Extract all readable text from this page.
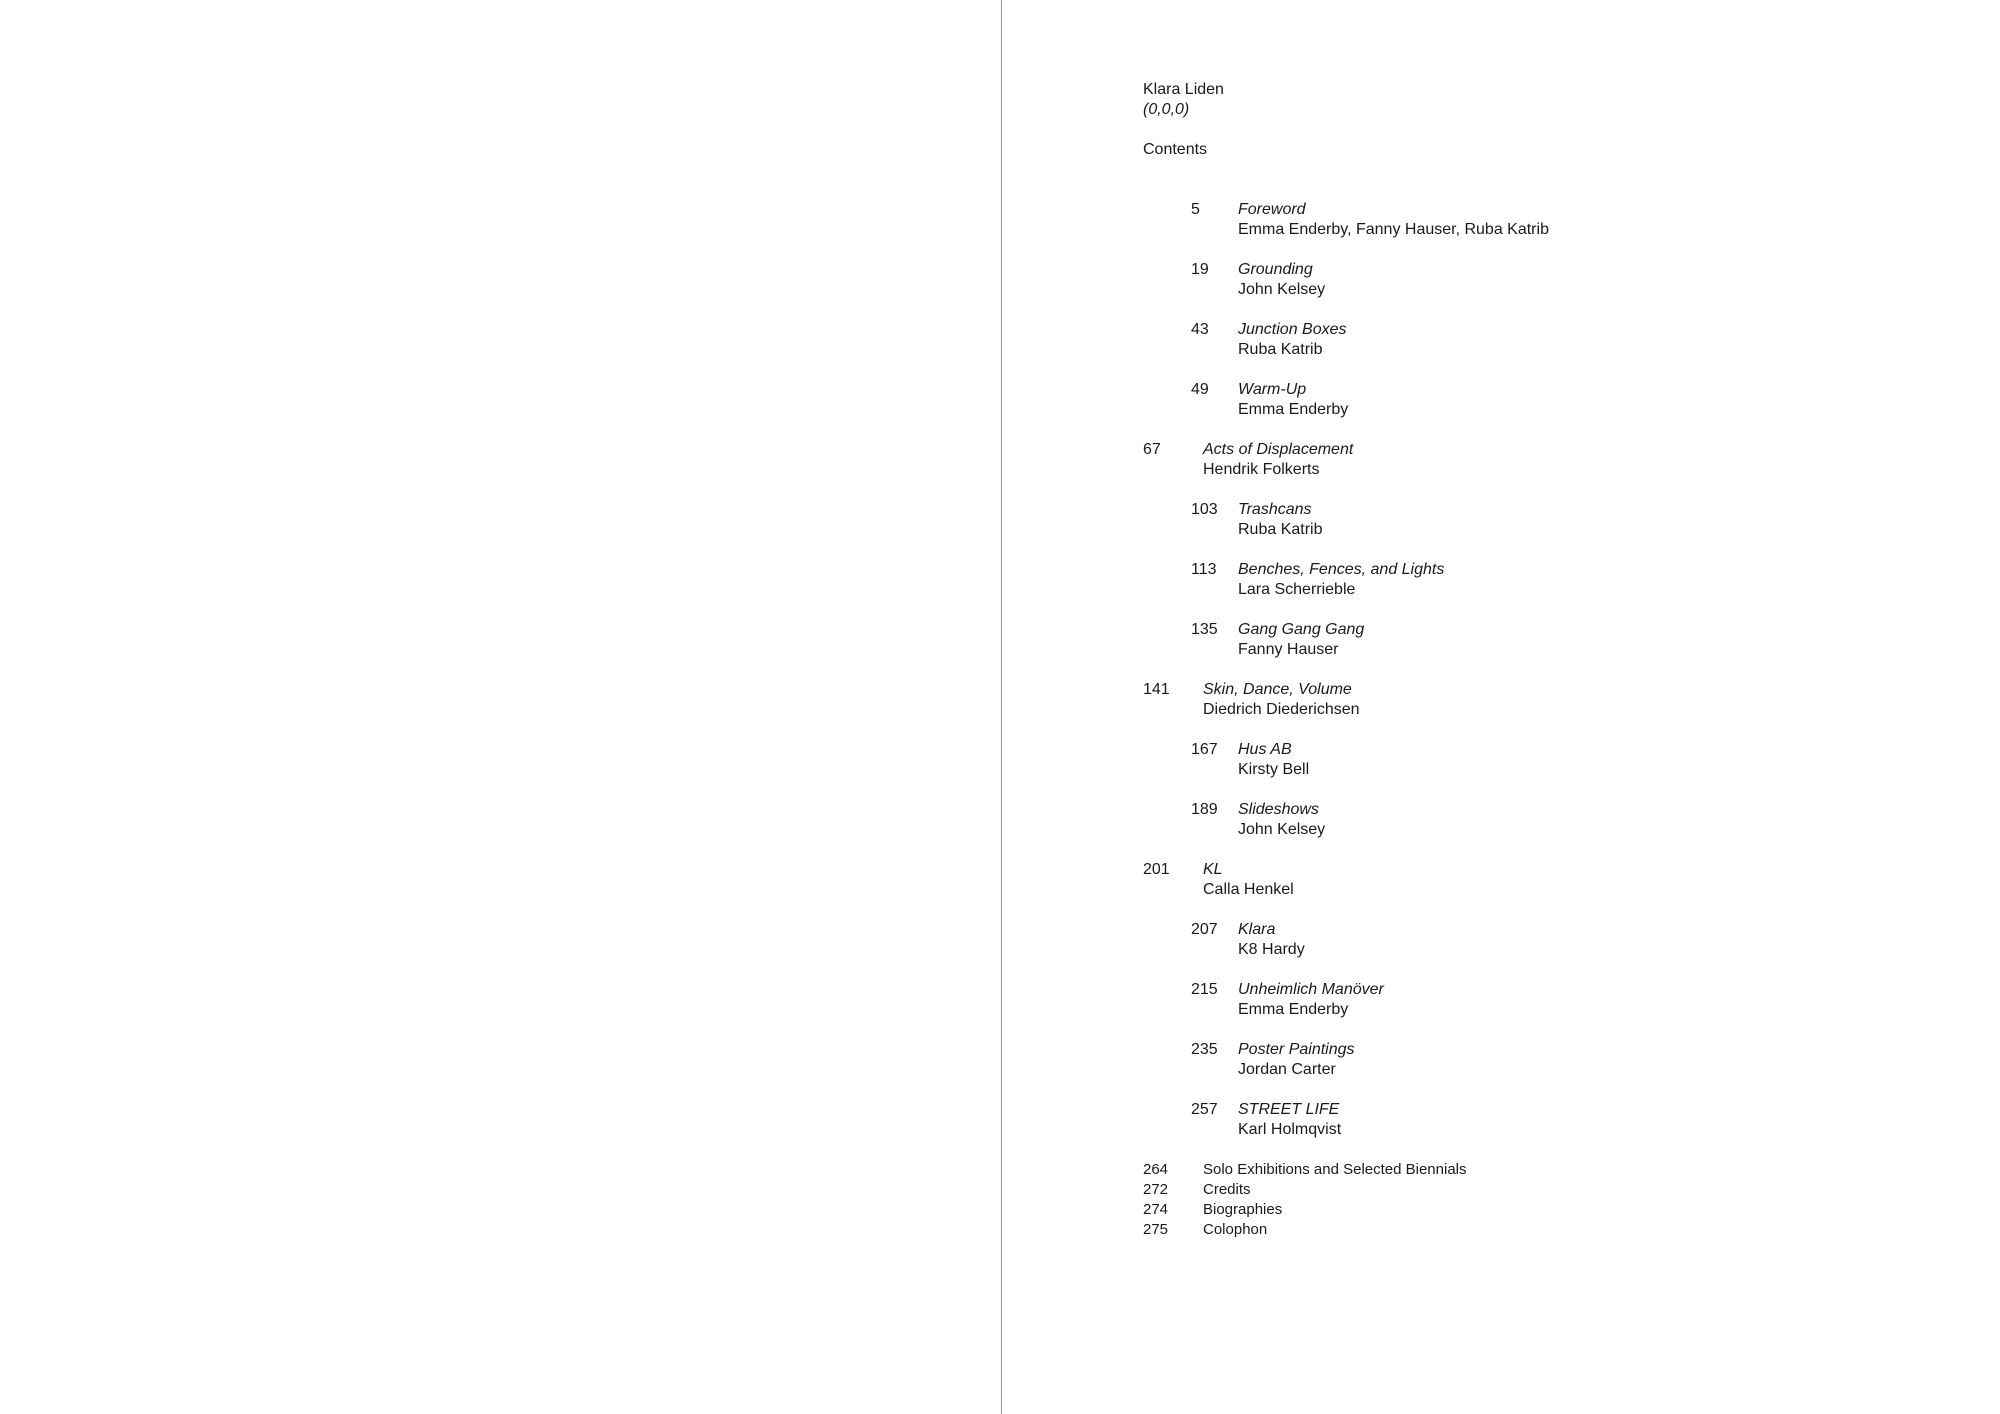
Klara Liden
(0,0,0)
Contents
5 Foreword
Emma Enderby, Fanny Hauser, Ruba Katrib
19 Grounding
John Kelsey
43 Junction Boxes
Ruba Katrib
49 Warm-Up
Emma Enderby
67	Acts of Displacement
Hendrik Folkerts
103 Trashcans
Ruba Katrib
113 Benches, Fences, and Lights
Lara Scherrieble
135 Gang Gang Gang
Fanny Hauser
141 Skin, Dance, Volume
Diedrich Diederichsen
167 Hus AB
Kirsty Bell
189 Slideshows
John Kelsey
201 KL
Calla Henkel
207 Klara
K8 Hardy
215 Unheimlich Manöver
Emma Enderby
235 Poster Paintings
Jordan Carter
257 STREET LIFE
Karl Holmqvist
264 Solo Exhibitions and Selected Biennials
272 Credits
274 Biographies
275 Colophon
